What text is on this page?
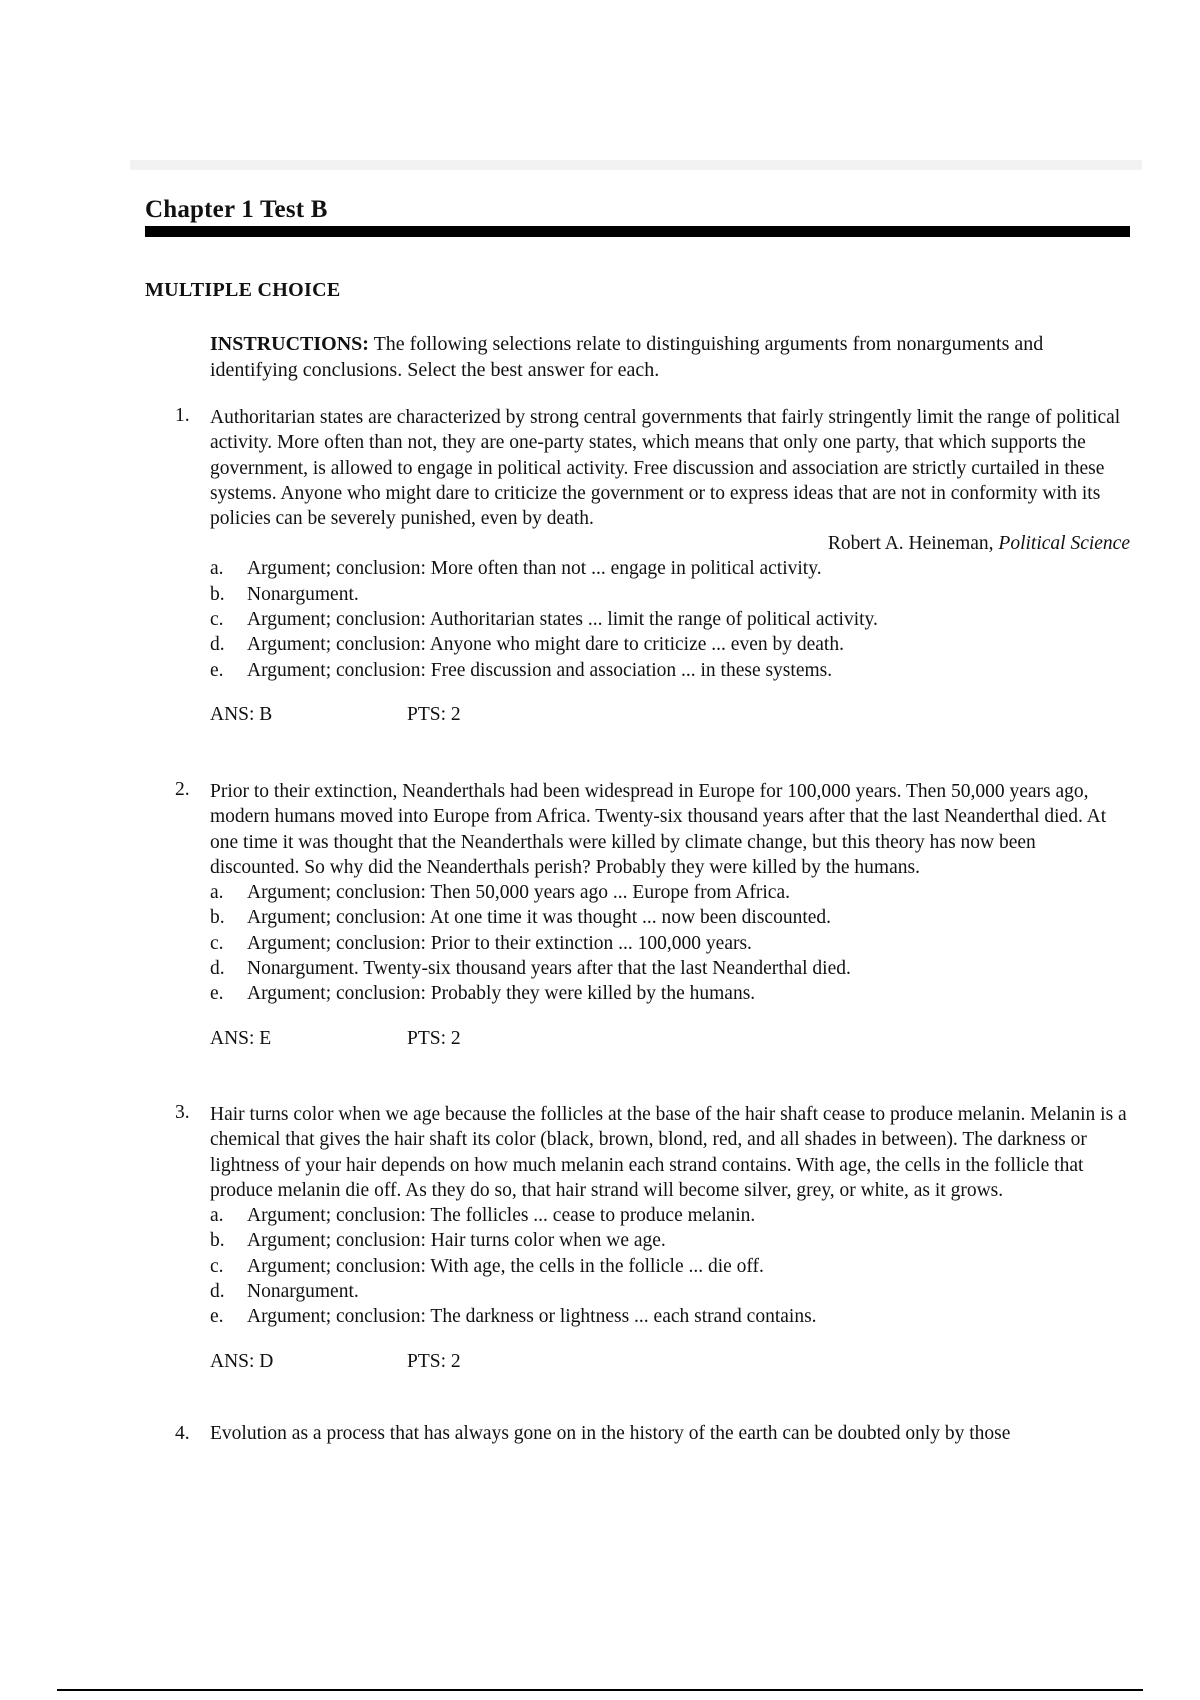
Chapter 1 Test B
MULTIPLE CHOICE
INSTRUCTIONS: The following selections relate to distinguishing arguments from nonarguments and identifying conclusions. Select the best answer for each.
1.	Authoritarian states are characterized by strong central governments that fairly stringently limit the range of political activity. More often than not, they are one-party states, which means that only one party, that which supports the government, is allowed to engage in political activity. Free discussion and association are strictly curtailed in these systems. Anyone who might dare to criticize the government or to express ideas that are not in conformity with its policies can be severely punished, even by death.
Robert A. Heineman, Political Science
a.	Argument; conclusion: More often than not ... engage in political activity.
b.	Nonargument.
c.	Argument; conclusion: Authoritarian states ... limit the range of political activity.
d.	Argument; conclusion: Anyone who might dare to criticize ... even by death.
e.	Argument; conclusion: Free discussion and association ... in these systems.
ANS: B	PTS: 2
2.	Prior to their extinction, Neanderthals had been widespread in Europe for 100,000 years. Then 50,000 years ago, modern humans moved into Europe from Africa. Twenty-six thousand years after that the last Neanderthal died. At one time it was thought that the Neanderthals were killed by climate change, but this theory has now been discounted. So why did the Neanderthals perish? Probably they were killed by the humans.
a.	Argument; conclusion: Then 50,000 years ago ... Europe from Africa.
b.	Argument; conclusion: At one time it was thought ... now been discounted.
c.	Argument; conclusion: Prior to their extinction ... 100,000 years.
d.	Nonargument. Twenty-six thousand years after that the last Neanderthal died.
e.	Argument; conclusion: Probably they were killed by the humans.
ANS: E	PTS: 2
3.	Hair turns color when we age because the follicles at the base of the hair shaft cease to produce melanin. Melanin is a chemical that gives the hair shaft its color (black, brown, blond, red, and all shades in between). The darkness or lightness of your hair depends on how much melanin each strand contains. With age, the cells in the follicle that produce melanin die off. As they do so, that hair strand will become silver, grey, or white, as it grows.
a.	Argument; conclusion: The follicles ... cease to produce melanin.
b.	Argument; conclusion: Hair turns color when we age.
c.	Argument; conclusion: With age, the cells in the follicle ... die off.
d.	Nonargument.
e.	Argument; conclusion: The darkness or lightness ... each strand contains.
ANS: D	PTS: 2
4. Evolution as a process that has always gone on in the history of the earth can be doubted only by those
